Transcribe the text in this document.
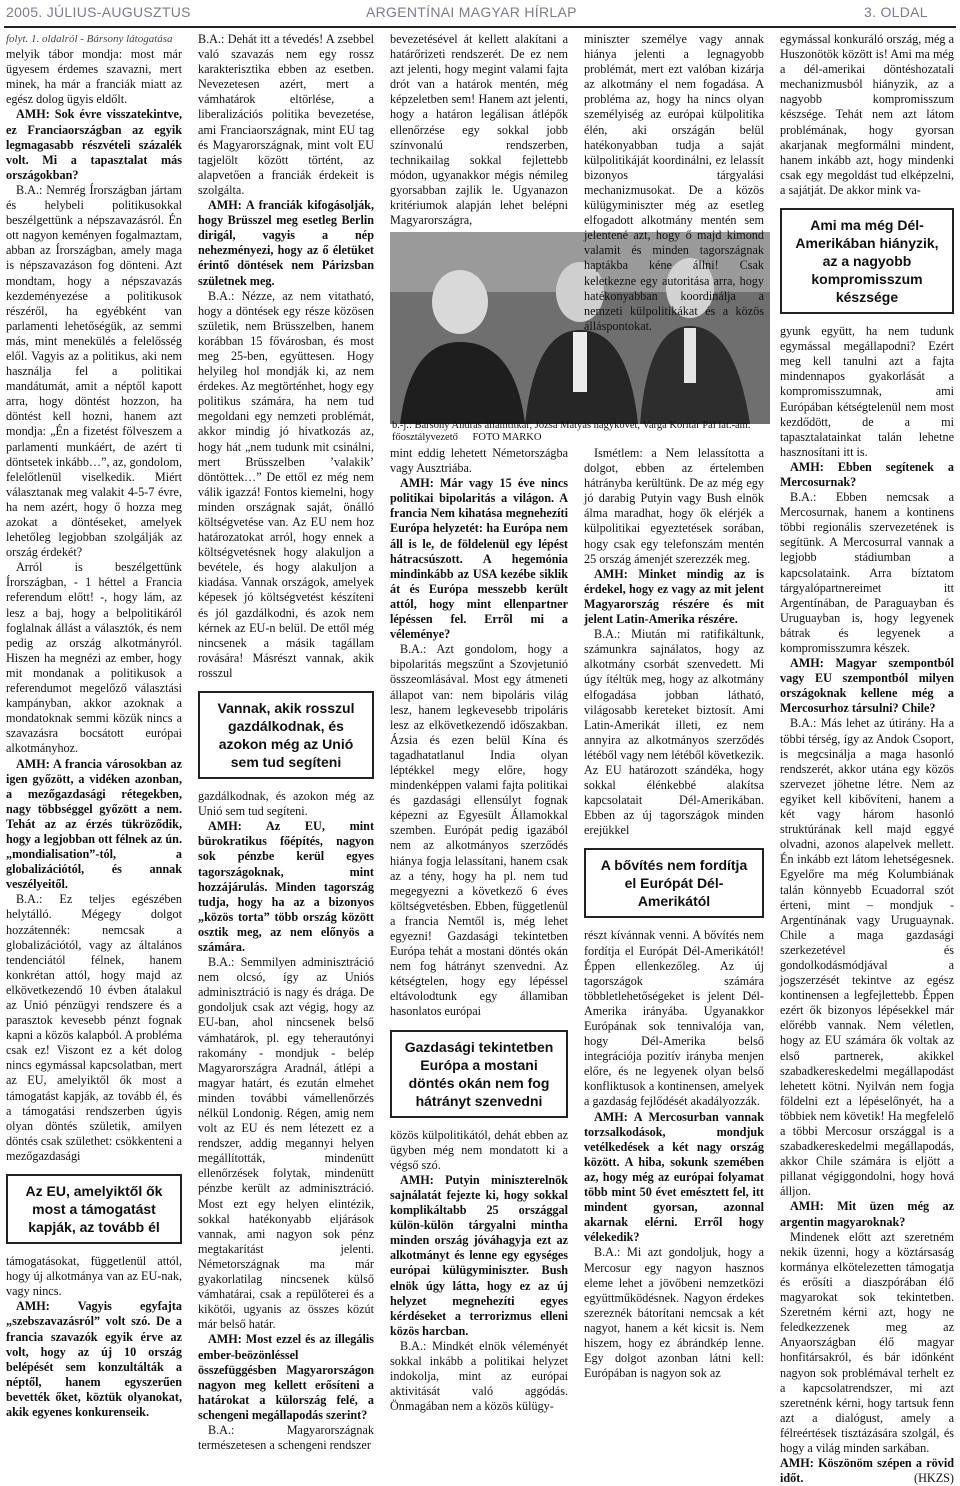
2005. JÚLIUS-AUGUSZTUS	ARGENTÍNAI MAGYAR HÍRLAP	3. OLDAL

folyt. 1. oldalról - Bársony látogatása

melyik tábor mondja: most már ügyesem érdemes szavazni, mert minek, ha már a franciák miatt az egész dolog ügyis eldőlt.

AMH: Sok évre visszatekintve, ez Franciaországban az egyik legmagasabb részvételi százalék volt. Mi a tapasztalat más országokban?

B.A.: Nemrég Írországban jártam és helybeli politikusokkal beszélgettünk a népszavazásról. Én ott nagyon keményen fogalmaztam, abban az Írországban, amely maga is népszavazáson fog dönteni. Azt mondtam, hogy a népszavazás kezdeményezése a politikusok részéről, ha egyébként van parlamenti lehetőségük, az semmi más, mint menekülés a felelősség elől. Vagyis az a politikus, aki nem használja fel a politikai mandátumát, amit a néptől kapott arra, hogy döntést hozzon, ha döntést kell hozni, hanem azt mondja: „Én a fizetést fölveszem a parlamenti munkáért, de azért ti döntsetek inkább…”, az, gondolom, felelőtlenül viselkedik. Miért választanak meg valakit 4-5-7 évre, ha nem azért, hogy ő hozza meg azokat a döntéseket, amelyek lehetőleg legjobban szolgálják az ország érdekét?

Arról is beszélgettünk Írországban, - 1 héttel a Francia referendum előtt! -, hogy lám, az lesz a baj, hogy a belpolitikáról foglalnak állást a választók, és nem pedig az ország alkotmányról. Hiszen ha megnézi az ember, hogy mit mondanak a politikusok a referendumot megelőző választási kampányban, akkor azoknak a mondatoknak semmi közük nincs a szavazásra bocsátott európai alkotmányhoz.

AMH: A francia városokban az igen győzött, a vidéken azonban, a mezőgazdasági rétegekben, nagy többséggel győzött a nem. Tehát az az érzés tükröződik, hogy a legjobban ott félnek az ún. „mondialisation”-tól, a globalizációtól, és annak veszélyeitől.

B.A.: Ez teljes egészében helytálló. Mégegy dolgot hozzátennék: nemcsak a globalizációtól, vagy az általános tendenciától félnek, hanem konkrétan attól, hogy majd az elkövetkezendő 10 évben átalakul az Unió pénzügyi rendszere és a parasztok kevesebb pénzt fognak kapni a közös kalapból. A probléma csak ez! Viszont ez a két dolog nincs egymással kapcsolatban, mert az EU, amelyiktől ők most a támogatást kapják, az tovább él, és a támogatási rendszerben úgyis olyan döntés születik, amilyen döntés csak születhet: csökkenteni a mezőgazdasági

Az EU, amelyiktől ők most a támogatást kapják, az tovább él

támogatásokat, függetlenül attól, hogy új alkotmánya van az EU-nak, vagy nincs.

AMH: Vagyis egyfajta „szebszavazásról” volt szó. De a francia szavazók egyik érve az volt, hogy az új 10 ország belépését sem konzultálták a néptől, hanem egyszerűen bevették őket, köztük olyanokat, akik egyenes konkurenseik.

B.A.: Dehát itt a tévedés! A zsebbel való szavazás nem egy rossz karakterisztika ebben az esetben. Nevezetesen azért, mert a vámhatárok eltörlése, a liberalizációs politika bevezetése, ami Franciaországnak, mint EU tag és Magyarországnak, mint volt EU tagjelölt között történt, az alapvetően a franciák érdekeit is szolgálta.

AMH: A franciák kifogásolják, hogy Brüsszel meg esetleg Berlin dirigál, vagyis a nép nehezményezi, hogy az ő életüket érintő döntések nem Párizsban születnek meg.

B.A.: Nézze, az nem vitatható, hogy a döntések egy része közösen születik, nem Brüsszelben, hanem korábban 15 fővárosban, és most meg 25-ben, együttesen. Hogy helyileg hol mondják ki, az nem érdekes. Az megtörténhet, hogy egy politikus számára, ha nem tud megoldani egy nemzeti problémát, akkor mindig jó hivatkozás az, hogy hát „nem tudunk mit csinálni, mert Brüsszelben ’valakik’ döntöttek…” De ettől ez még nem válik igazzá! Fontos kiemelni, hogy minden országnak saját, önálló költségvetése van. Az EU nem hoz határozatokat arról, hogy ennek a költségvetésnek hogy alakuljon a bevétele, és hogy alakuljon a kiadása. Vannak országok, amelyek képesek jó költségvetést készíteni és jól gazdálkodni, és azok nem kérnek az EU-n belül. De ettől még nincsenek a másik tagállam rovására! Másrészt vannak, akik rosszul

Vannak, akik rosszul gazdálkodnak, és azokon még az Unió sem tud segíteni

gazdálkodnak, és azokon még az Unió sem tud segíteni.

AMH: Az EU, mint bürokratikus főépítés, nagyon sok pénzbe kerül egyes tagországoknak, mint hozzájárulás. Minden tagország tudja, hogy ha az a bizonyos „közös torta” több ország között osztik meg, az nem előnyös a számára.

B.A.: Semmilyen adminisztráció nem olcsó, így az Uniós adminisztráció is nagy és drága. De gondoljuk csak azt végig, hogy az EU-ban, ahol nincsenek belső vámhatárok, pl. egy teherautónyi rakomány - mondjuk - belép Magyarországra Aradnál, átlépi a magyar határt, és ezután elmehet minden további vámellenőrzés nélkül Londonig. Régen, amig nem volt az EU és nem létezett ez a rendszer, addig megannyi helyen megállították, mindenütt ellenőrzések folytak, mindenütt pénzbe került az adminisztráció. Most ezt egy helyen elintézik, sokkal hatékonyabb eljárások vannak, ami nagyon sok pénz megtakarítást jelenti. Németországnak ma már gyakorlatilag nincsenek külső vámhatárai, csak a repülőterei és a kikötői, ugyanis az összes közút már belső határ.

AMH: Most ezzel és az illegális ember-beözönléssel összefüggésben Magyarországon nagyon meg kellett erősíteni a határokat a külország felé, a schengeni megállapodás szerint?

B.A.: Magyarországnak természetesen a schengeni rendszer

bevezetésével át kellett alakítani a határőrizeti rendszerét. De ez nem azt jelenti, hogy megint valami fajta drót van a határok mentén, még képzeletben sem! Hanem azt jelenti, hogy a határon legálisan átlépők ellenőrzése egy sokkal jobb színvonalú rendszerben, technikailag sokkal fejlettebb módon, ugyanakkor mégis némileg gyorsabban zajlik le. Ugyanazon kritériumok alapján lehet belépni Magyarországra,

b.-j.: Bársony András államtitkár, Józsa Mátyás nagykövet, Varga Koritár Pál lat.-am. főosztályvezető FOTO MARKO

mint eddig lehetett Németországba vagy Ausztriába.

AMH: Már vagy 15 éve nincs politikai bipolaritás a világon. A francia Nem kihatása megnehezíti Európa helyzetét: ha Európa nem áll is le, de földelenül egy lépést hátracsúszott. A hegemónia mindinkább az USA kezébe siklik át és Európa messzebb került attól, hogy mint ellenpartner lépéssen fel. Errõl mi a véleménye?

B.A.: Azt gondolom, hogy a bipolaritás megszűnt a Szovjetunió összeomlásával. Most egy átmeneti állapot van: nem bipoláris világ lesz, hanem legkevesebb tripoláris lesz az elkövetkezendő időszakban. Ázsia és ezen belül Kína és tagadhatatlanul India olyan léptékkel megy előre, hogy mindenképpen valami fajta politikai és gazdasági ellensúlyt fognak képezni az Egyesült Államokkal szemben. Európát pedig igazából nem az alkotmányos szerződés hiánya fogja lelassítani, hanem csak az a tény, hogy ha pl. nem tud megegyezni a következő 6 éves költségvetésben. Ebben, függetlenül a francia Nemtől is, még lehet egyezni! Gazdasági tekintetben Európa tehát a mostani döntés okán nem fog hátrányt szenvedni. Az kétségtelen, hogy egy lépéssel eltávolodtunk egy államiban hasonlatos európai

Gazdasági tekintetben Európa a mostani döntés okán nem fog hátrányt szenvedni

közös külpolitikától, dehát ebben az ügyben még nem mondatott ki a végső szó.

AMH: Putyin miniszterelnök sajnálatát fejezte ki, hogy sokkal komplikáltabb 25 országgal külön-külön tárgyalni mintha minden ország jóváhagyja ezt az alkotmányt és lenne egy egységes európai külügyminiszter. Bush elnök úgy látta, hogy ez az új helyzet megnehezíti egyes kérdéseket a terrorizmus elleni közös harcban.

B.A.: Mindkét elnök véleményét sokkal inkább a politikai helyzet indokolja, mint az európai aktivitását való aggódás. Önmagában nem a közös külügy-

miniszter személye vagy annak hiánya jelenti a legnagyobb problémát, mert ezt valóban kizárja az alkotmány el nem fogadása. A probléma az, hogy ha nincs olyan személyiség az európai külpolitika élén, aki országán belül hatékonyabban tudja a saját külpolitikáját koordinálni, ez lelassít bizonyos tárgyalási mechanizmusokat. De a közös külügyminiszter még az esetleg elfogadott alkotmány mentén sem jelentené azt, hogy ő majd kimond valamit és minden tagországnak haptákba kéne állni! Csak keletkezne egy autoritása arra, hogy hatékonyabban koordinálja a nemzeti külpolitikákat és a közös álláspontokat.

Ismétlem: a Nem lelassította a dolgot, ebben az értelemben hátrányba kerültünk. De az még egy jó darabig Putyin vagy Bush elnök álma maradhat, hogy ők elérjék a külpolitikai egyeztetések sorában, hogy csak egy telefonszám mentén 25 ország ámenjét szerezzék meg.

AMH: Minket mindig az is érdekel, hogy ez vagy az mit jelent Magyarország részére és mit jelent Latin-Amerika részére.

B.A.: Miután mi ratifikáltunk, számunkra sajnálatos, hogy az alkotmány csorbát szenvedett. Mi úgy ítéltük meg, hogy az alkotmány elfogadása jobban látható, világosabb kereteket biztosít. Ami Latin-Amerikát illeti, ez nem annyira az alkotmányos szerződés létéből vagy nem létéből következik. Az EU határozott szándéka, hogy sokkal élénkebbé alakítsa kapcsolatait Dél-Amerikában. Ebben az új tagországok minden erejükkel

A bővítés nem fordítja el Európát Dél-Amerikától

részt kívánnak venni. A bővítés nem fordítja el Európát Dél-Amerikától! Éppen ellenkezőleg. Az új tagországok számára többletlehetőségeket is jelent Dél-Amerika irányába. Ugyanakkor Európának sok tennivalója van, hogy Dél-Amerika belső integrációja pozitív irányba menjen előre, és ne legyenek olyan belső konfliktusok a kontinensen, amelyek a gazdaság fejlődését akadályozzák.

AMH: A Mercosurban vannak torzsalkodások, mondjuk vetélkedések a két nagy ország között. A hiba, sokunk szemében az, hogy még az európai folyamat több mint 50 évet emésztett fel, itt mindent gyorsan, azonnal akarnak elérni. Erről hogy vélekedik?

B.A.: Mi azt gondoljuk, hogy a Mercosur egy nagyon hasznos eleme lehet a jövőbeni nemzetközi együttműködésnek. Nagyon érdekes szereznék bátorítani nemcsak a két nagyot, hanem a két kicsit is. Nem hiszem, hogy ez ábrándkép lenne. Egy dolgot azonban látni kell: Európában is nagyon sok az

egymással konkuráló ország, még a Huszonötök között is! Ami ma még a dél-amerikai döntéshozatali mechanizmusból hiányzik, az a nagyobb kompromisszum készsége. Tehát nem azt látom problémának, hogy gyorsan akarjanak megformálni mindent, hanem inkább azt, hogy mindenki csak egy megoldást tud elképzelni, a sajátját. De akkor mink va-

Ami ma még Dél-Amerikában hiányzik, az a nagyobb kompromisszum készsége

gyunk együtt, ha nem tudunk egymással megállapodni? Ezért meg kell tanulni azt a fajta mindennapos gyakorlását a kompromisszumnak, ami Európában kétségtelenül nem most kezdődött, de a mi tapasztalatainkat talán lehetne hasznosítani itt is.

AMH: Ebben segítenek a Mercosurnak?

B.A.: Ebben nemcsak a Mercosurnak, hanem a kontinens többi regionális szervezetének is segítünk. A Mercosurral vannak a legjobb stádiumban a kapcsolataink. Arra bíztatom tárgyalópartnereimet itt Argentínában, de Paraguayban és Uruguayban is, hogy legyenek bátrak és legyenek a kompromisszumra készek.

AMH: Magyar szempontból vagy EU szempontból milyen országoknak kellene még a Mercosurhoz társulni? Chile?

B.A.: Más lehet az útirány. Ha a többi térség, így az Andok Csoport, is megcsinálja a maga hasonló rendszerét, akkor utána egy közös szervezet jöhetne létre. Nem az egyiket kell kibővíteni, hanem a két vagy három hasonló struktúrának kell majd eggyé olvadni, azonos alapelvek mellett. Én inkább ezt látom lehetségesnek. Egyelőre ma még Kolumbiának talán könnyebb Ecuadorral szót érteni, mint – mondjuk - Argentínának vagy Uruguaynak. Chile a maga gazdasági szerkezetével és gondolkodásmódjával a jogszerzését tekintve az egész kontinensen a legfejlettebb. Éppen ezért ők bizonyos lépésekkel már előrébb vannak. Nem véletlen, hogy az EU számára ők voltak az első partnerek, akikkel szabadkereskedelmi megállapodást lehetett kötni. Nyilván nem fogja földelni ezt a lépéselőnyét, ha a többiek nem követik! Ha megfelelő a többi Mercosur országgal is a szabadkereskedelmi megállapodás, akkor Chile számára is eljött a pillanat végiggondolni, hogy hová álljon.

AMH: Mit üzen még az argentin magyaroknak?

Mindenek előtt azt szeretném nekik üzenni, hogy a köztársaság kormánya elkötelezetten támogatja és erősíti a diaszpórában élő magyarokat sok tekintetben. Szeretném kérni azt, hogy ne feledkezzenek meg az Anyaországban élő magyar honfitársakról, és bár időnként nagyon sok problémával terhelt ez a kapcsolatrendszer, mi azt szeretnénk kérni, hogy tartsuk fenn azt a dialógust, amely a félreértések tisztázására szolgál, és hogy a világ minden sarkában.

AMH: Köszönöm szépen a rövid időt.	(HKZS)
